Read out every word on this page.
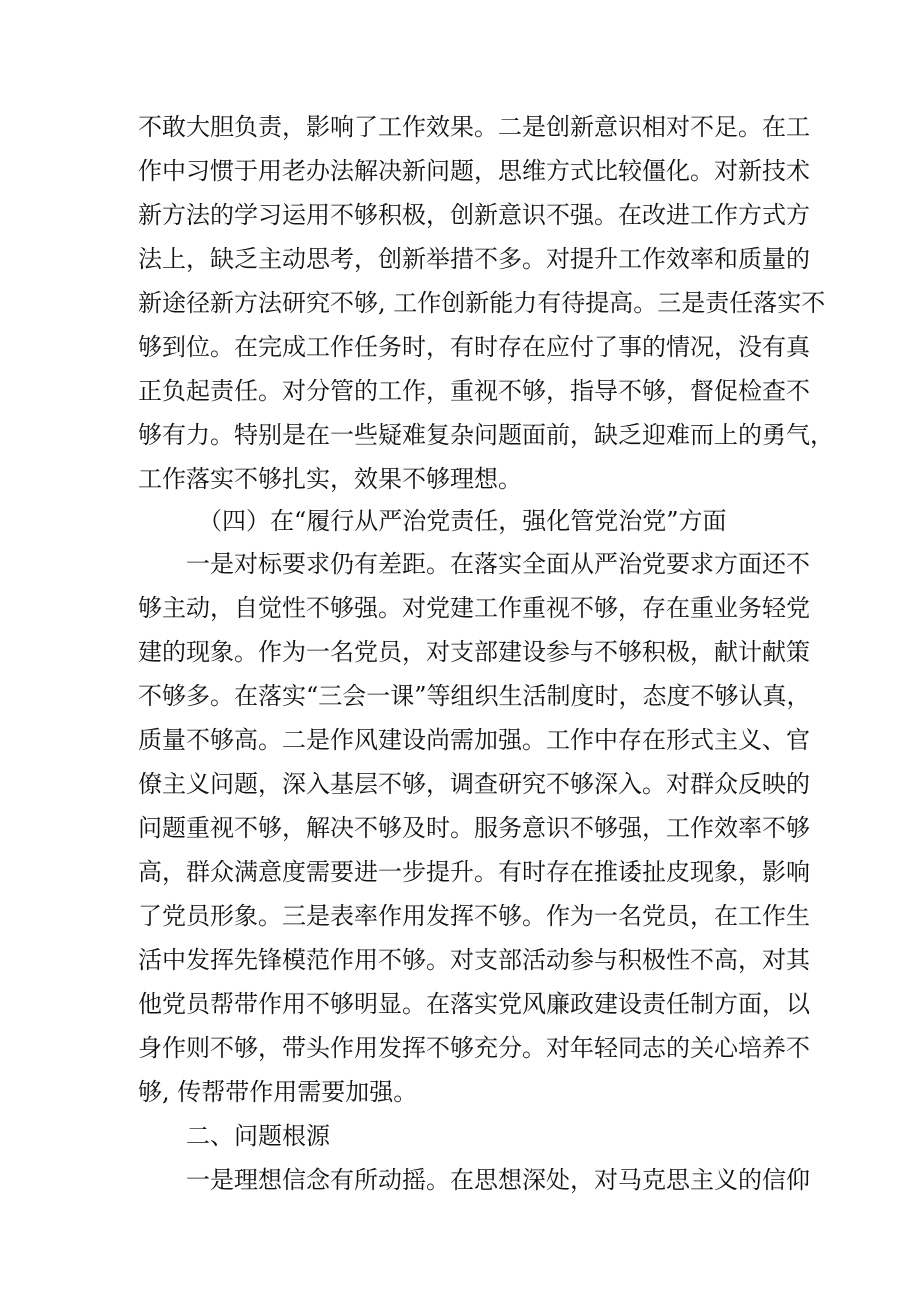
不敢大胆负责，影响了工作效果。二是创新意识相对不足。在工
作中习惯于用老办法解决新问题，思维方式比较僵化。对新技术
新方法的学习运用不够积极，创新意识不强。在改进工作方式方
法上，缺乏主动思考，创新举措不多。对提升工作效率和质量的
新途径新方法研究不够, 工作创新能力有待提高。三是责任落实不
够到位。在完成工作任务时，有时存在应付了事的情况，没有真
正负起责任。对分管的工作，重视不够，指导不够，督促检查不
够有力。特别是在一些疑难复杂问题面前，缺乏迎难而上的勇气，
工作落实不够扎实，效果不够理想。
（四）在“履行从严治党责任，强化管党治党”方面
一是对标要求仍有差距。在落实全面从严治党要求方面还不
够主动，自觉性不够强。对党建工作重视不够，存在重业务轻党
建的现象。作为一名党员，对支部建设参与不够积极，献计献策
不够多。在落实“三会一课”等组织生活制度时，态度不够认真，
质量不够高。二是作风建设尚需加强。工作中存在形式主义、官
僚主义问题，深入基层不够，调查研究不够深入。对群众反映的
问题重视不够，解决不够及时。服务意识不够强，工作效率不够
高，群众满意度需要进一步提升。有时存在推诿扯皮现象，影响
了党员形象。三是表率作用发挥不够。作为一名党员，在工作生
活中发挥先锋模范作用不够。对支部活动参与积极性不高，对其
他党员帮带作用不够明显。在落实党风廉政建设责任制方面，以
身作则不够，带头作用发挥不够充分。对年轻同志的关心培养不
够, 传帮带作用需要加强。
二、问题根源
一是理想信念有所动摇。在思想深处，对马克思主义的信仰
